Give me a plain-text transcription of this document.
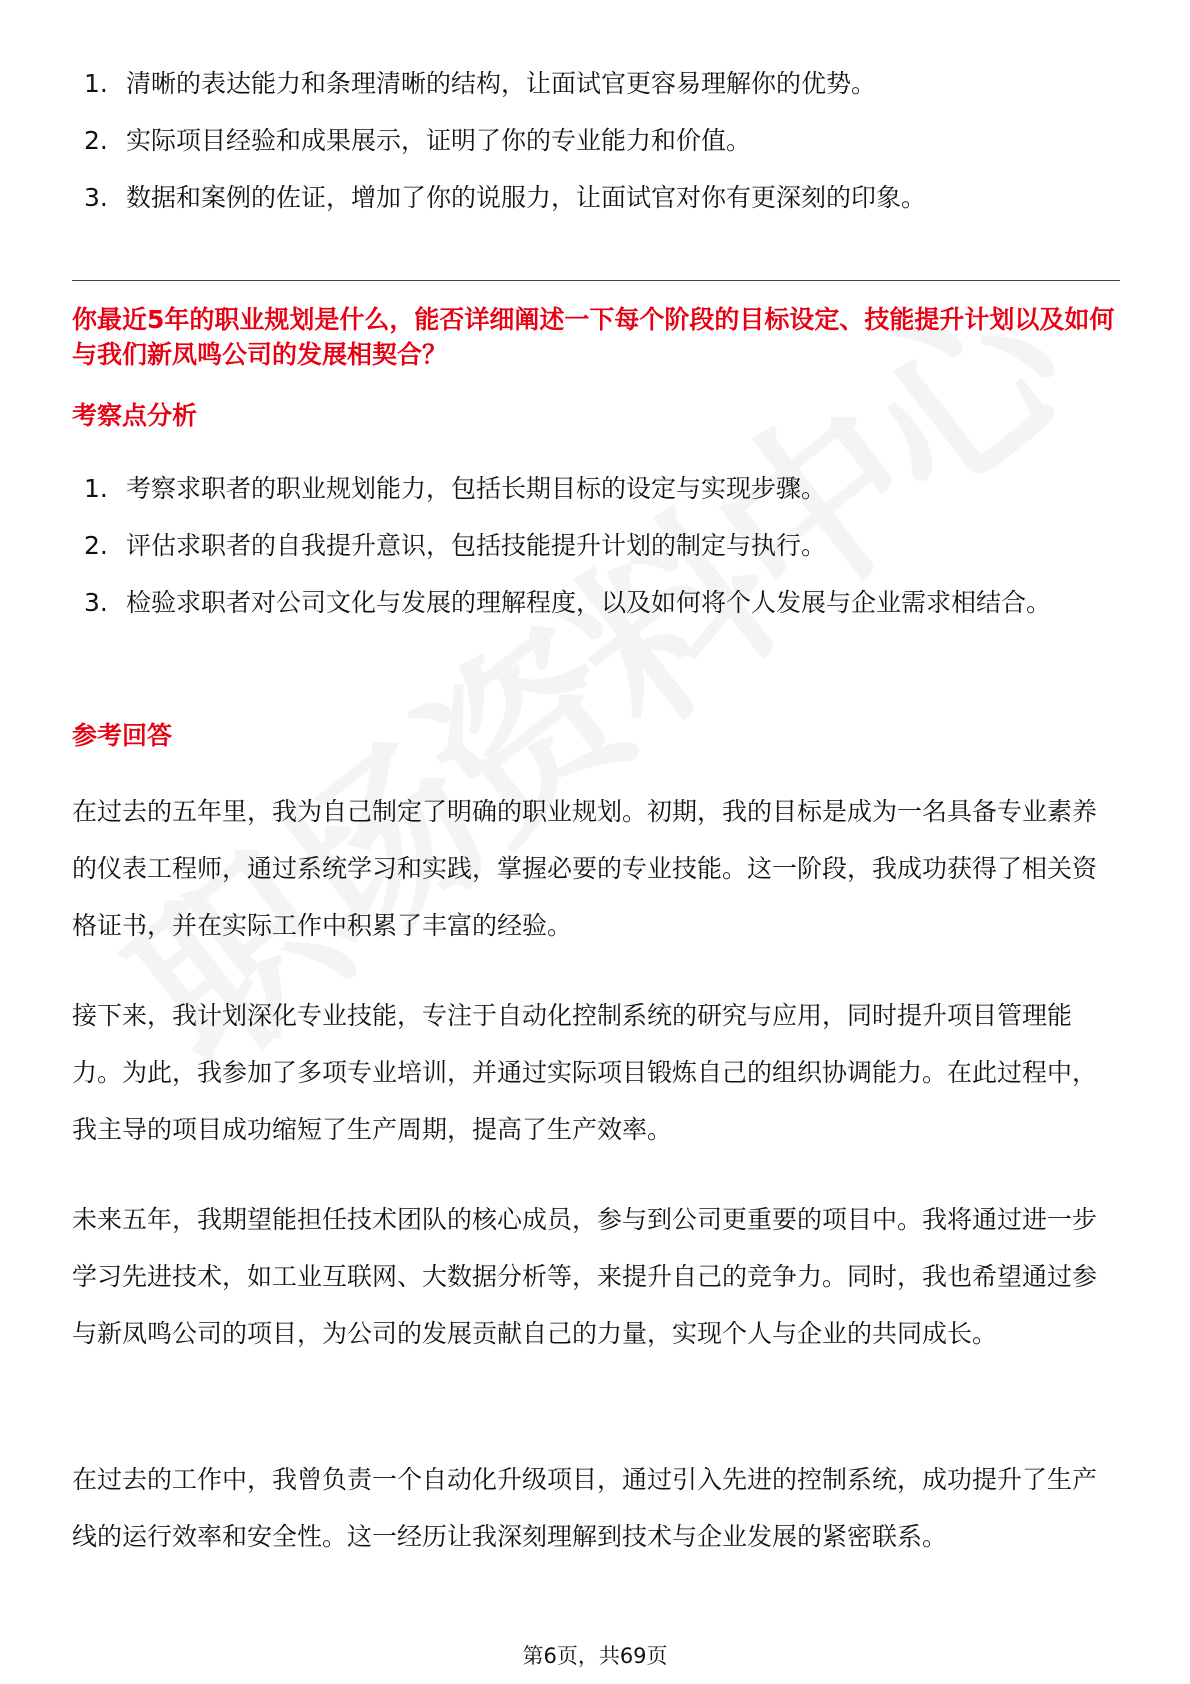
1. 清晰的表达能力和条理清晰的结构，让面试官更容易理解你的优势。
2. 实际项目经验和成果展示，证明了你的专业能力和价值。
3. 数据和案例的佐证，增加了你的说服力，让面试官对你有更深刻的印象。
你最近5年的职业规划是什么，能否详细阐述一下每个阶段的目标设定、技能提升计划以及如何与我们新凤鸣公司的发展相契合？
考察点分析
1. 考察求职者的职业规划能力，包括长期目标的设定与实现步骤。
2. 评估求职者的自我提升意识，包括技能提升计划的制定与执行。
3. 检验求职者对公司文化与发展的理解程度，以及如何将个人发展与企业需求相结合。
参考回答

在过去的五年里，我为自己制定了明确的职业规划。初期，我的目标是成为一名具备专业素养的仪表工程师，通过系统学习和实践，掌握必要的专业技能。这一阶段，我成功获得了相关资格证书，并在实际工作中积累了丰富的经验。

接下来，我计划深化专业技能，专注于自动化控制系统的研究与应用，同时提升项目管理能力。为此，我参加了多项专业培训，并通过实际项目锻炼自己的组织协调能力。在此过程中，我主导的项目成功缩短了生产周期，提高了生产效率。

未来五年，我期望能担任技术团队的核心成员，参与到公司更重要的项目中。我将通过进一步学习先进技术，如工业互联网、大数据分析等，来提升自己的竞争力。同时，我也希望通过参与新凤鸣公司的项目，为公司的发展贡献自己的力量，实现个人与企业的共同成长。

在过去的工作中，我曾负责一个自动化升级项目，通过引入先进的控制系统，成功提升了生产线的运行效率和安全性。这一经历让我深刻理解到技术与企业发展的紧密联系。

第6页，共69页
